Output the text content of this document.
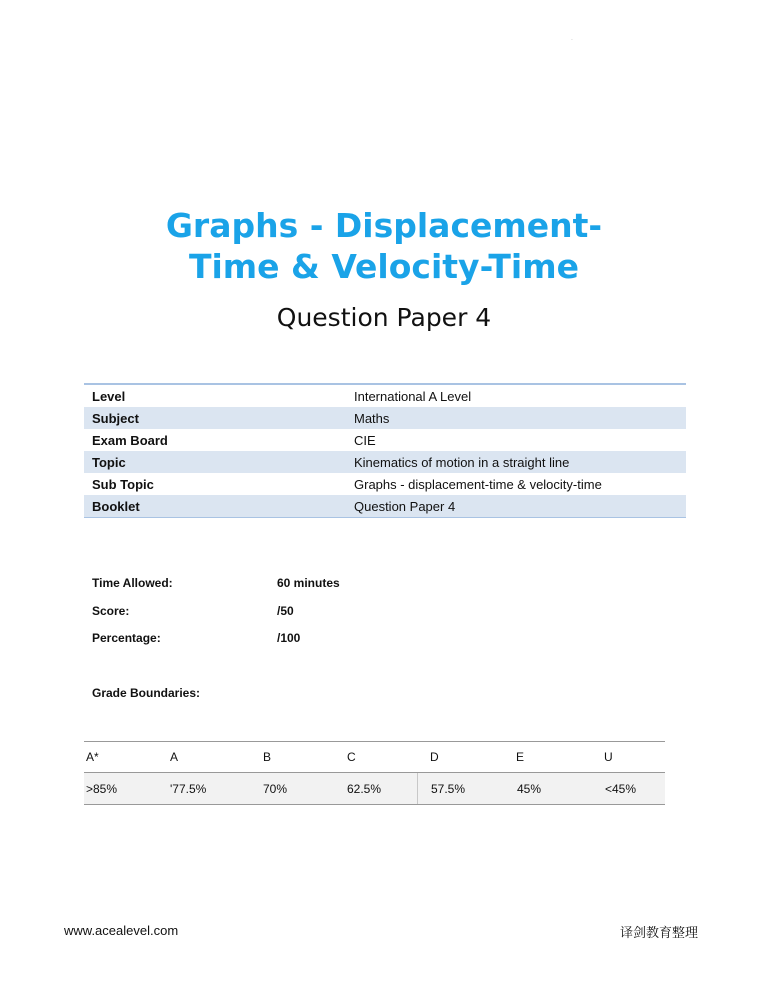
`
Graphs - Displacement-
Time & Velocity-Time
Question Paper 4
Level	International A Level
Subject	Maths
Exam Board	CIE
Topic	Kinematics of motion in a straight line
Sub Topic	Graphs - displacement-time & velocity-time
Booklet	Question Paper 4
Time Allowed:	60 minutes
Score:	/50
Percentage:	/100
Grade Boundaries:
A*	A	B	C	D	E	U
>85%	'77.5%	70%	62.5%	57.5%	45%	<45%
www.acealevel.com	译剑教育整理
